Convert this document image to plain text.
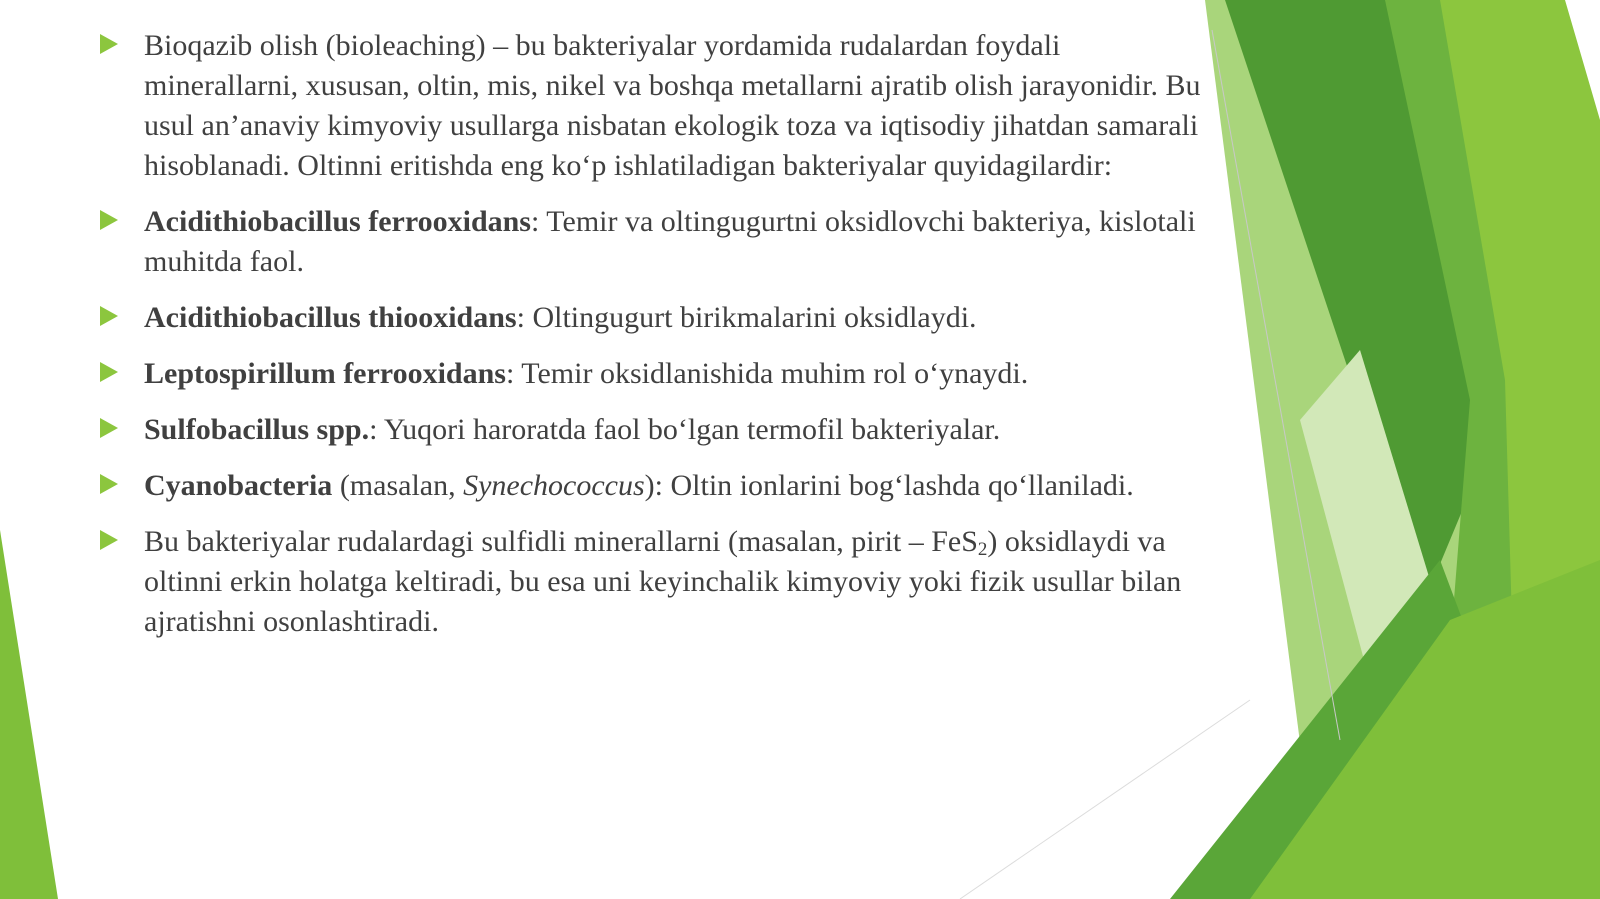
Bioqazib olish (bioleaching) – bu bakteriyalar yordamida rudalardan foydali minerallarni, xususan, oltin, mis, nikel va boshqa metallarni ajratib olish jarayonidir. Bu usul an’anaviy kimyoviy usullarga nisbatan ekologik toza va iqtisodiy jihatdan samarali hisoblanadi. Oltinni eritishda eng ko‘p ishlatiladigan bakteriyalar quyidagilardir:
Acidithiobacillus ferrooxidans: Temir va oltingugurtni oksidlovchi bakteriya, kislotali muhitda faol.
Acidithiobacillus thiooxidans: Oltingugurt birikmalarini oksidlaydi.
Leptospirillum ferrooxidans: Temir oksidlanishida muhim rol o‘ynaydi.
Sulfobacillus spp.: Yuqori haroratda faol bo‘lgan termofil bakteriyalar.
Cyanobacteria (masalan, Synechococcus): Oltin ionlarini bog‘lashda qo‘llaniladi.
Bu bakteriyalar rudalardagi sulfidli minerallarni (masalan, pirit – FeS$_2$) oksidlaydi va oltinni erkin holatga keltiradi, bu esa uni keyinchalik kimyoviy yoki fizik usullar bilan ajratishni osonlashtiradi.
